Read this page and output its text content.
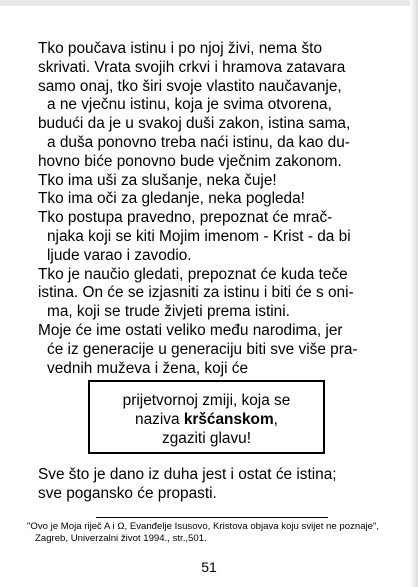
Tko poučava istinu i po njoj živi, nema što

skrivati. Vrata svojih crkvi i hramova zatavara

samo onaj, tko širi svoje vlastito naučavanje,

a ne vječnu istinu, koja je svima otvorena,

budući da je u svakoj duši zakon, istina sama,

a duša ponovno treba naći istinu, da kao du-

hovno biće ponovno bude vječnim zakonom.

Tko ima uši za slušanje, neka čuje!

Tko ima oči za gledanje, neka pogleda!

Tko postupa pravedno, prepoznat će mrač-

njaka koji se kiti Mojim imenom - Krist - da bi

ljude varao i zavodio.

Tko je naučio gledati, prepoznat će kuda teče

istina. On će se izjasniti za istinu i biti će s oni-

ma, koji se trude živjeti prema istini.

Moje će ime ostati veliko među narodima, jer

će iz generacije u generaciju biti sve više pra-

vednih muževa i žena, koji će

prijetvornoj zmiji, koja se
naziva kršćanskom,
zgaziti glavu!

Sve što je dano iz duha jest i ostat će istina;

sve pogansko će propasti.

"Ovo je Moja riječ A i Ω, Evanđelje Isusovo, Kristova objava koju svijet ne poznaje",
Zagreb, Univerzalni život 1994., str.,501.
51
